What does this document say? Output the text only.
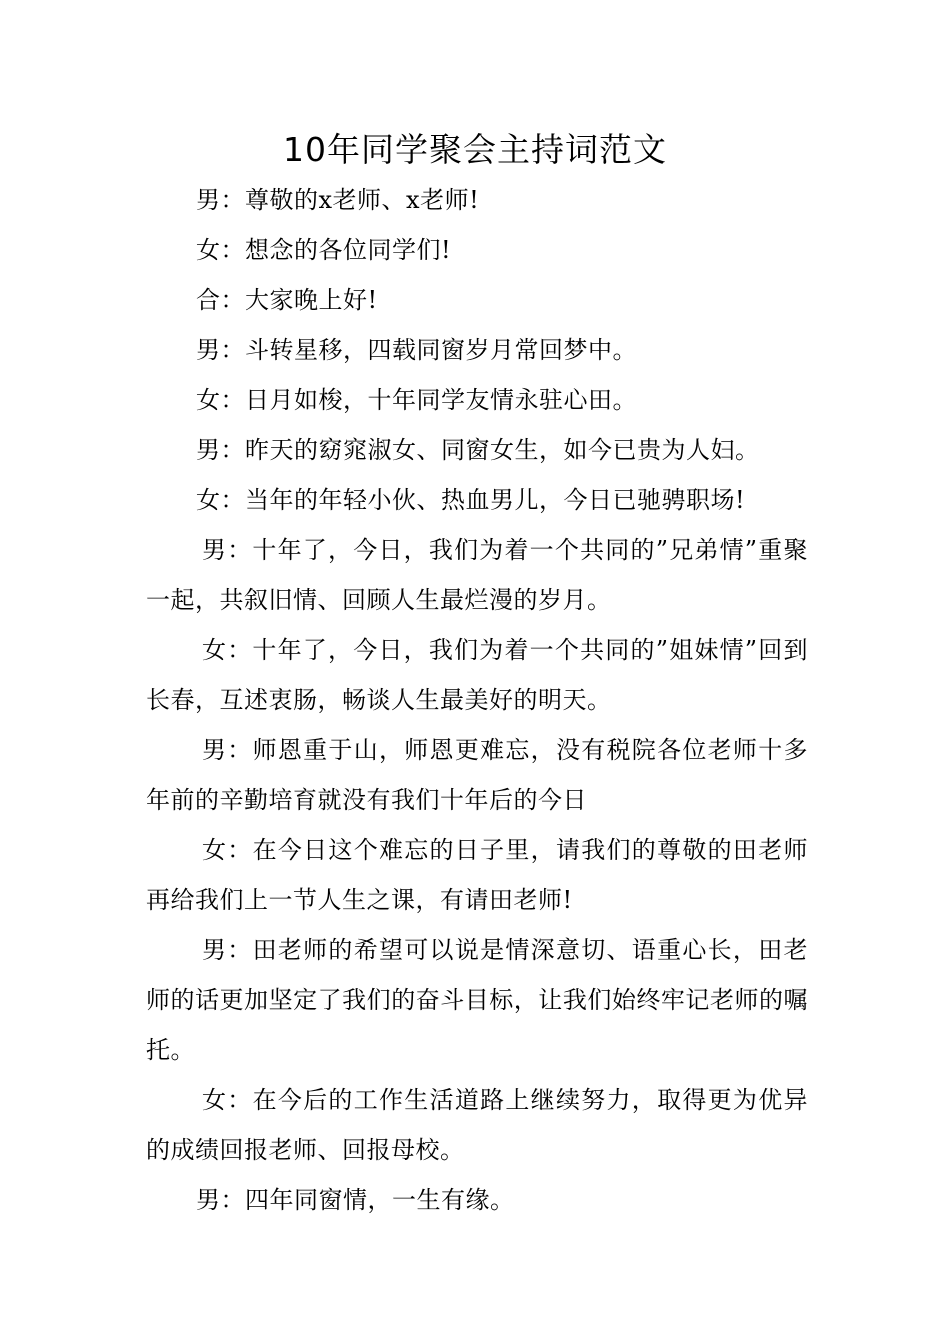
10年同学聚会主持词范文

男：尊敬的x老师、x老师!

女：想念的各位同学们!

合：大家晚上好!

男：斗转星移，四载同窗岁月常回梦中。

女：日月如梭，十年同学友情永驻心田。

男：昨天的窈窕淑女、同窗女生，如今已贵为人妇。

女：当年的年轻小伙、热血男儿，今日已驰骋职场!

男：十年了，今日，我们为着一个共同的”兄弟情”重聚一起，共叙旧情、回顾人生最烂漫的岁月。

女：十年了，今日，我们为着一个共同的”姐妹情”回到长春，互述衷肠，畅谈人生最美好的明天。

男：师恩重于山，师恩更难忘，没有税院各位老师十多年前的辛勤培育就没有我们十年后的今日

女：在今日这个难忘的日子里，请我们的尊敬的田老师再给我们上一节人生之课，有请田老师!

男：田老师的希望可以说是情深意切、语重心长，田老师的话更加坚定了我们的奋斗目标，让我们始终牢记老师的嘱托。

女：在今后的工作生活道路上继续努力，取得更为优异的成绩回报老师、回报母校。

男：四年同窗情，一生有缘。
